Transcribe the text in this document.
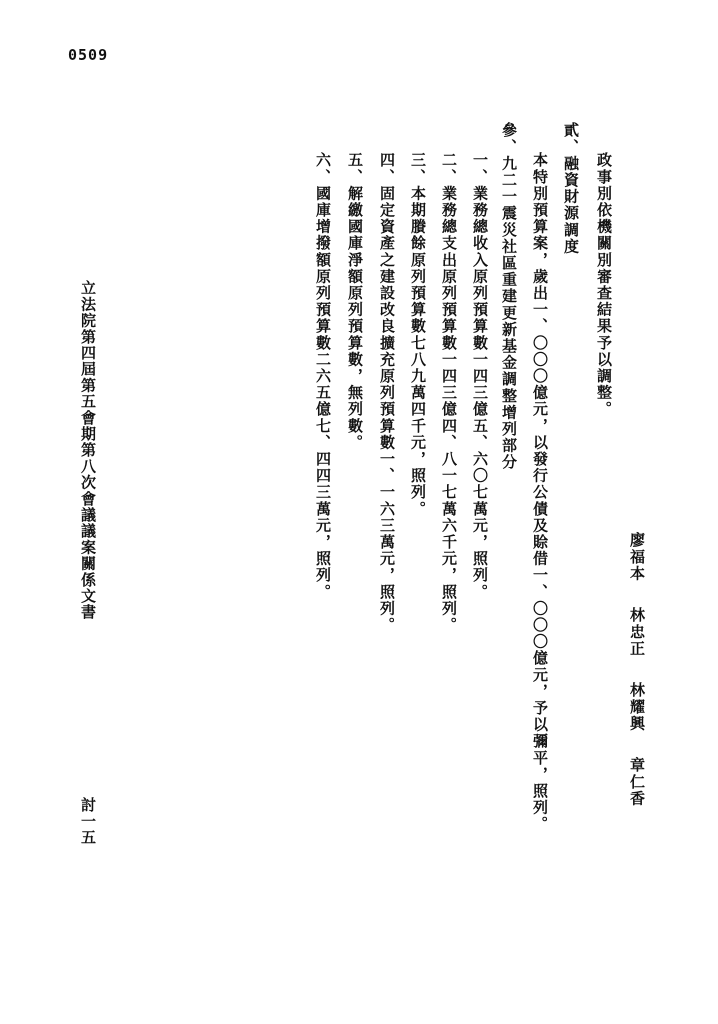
0509
廖福本
林忠正
林耀興
章仁香
政事別依機關別審查結果予以調整。
貳、融資財源調度
本特別預算案，歲出一、〇〇〇億元，以發行公債及賒借一、〇〇〇億元，予以彌平，照列。
參、九二一震災社區重建更新基金調整增列部分
一、業務總收入原列預算數一四三億五、六〇七萬元，照列。
二、業務總支出原列預算數一四三億四、八一七萬六千元，照列。
三、本期賸餘原列預算數七八九萬四千元，照列。
四、固定資產之建設改良擴充原列預算數一、一六三萬元，照列。
五、解繳國庫淨額原列預算數，無列數。
六、國庫增撥額原列預算數二六五億七、四四三萬元，照列。
立法院第四屆第五會期第八次會議議案關係文書
討一五
